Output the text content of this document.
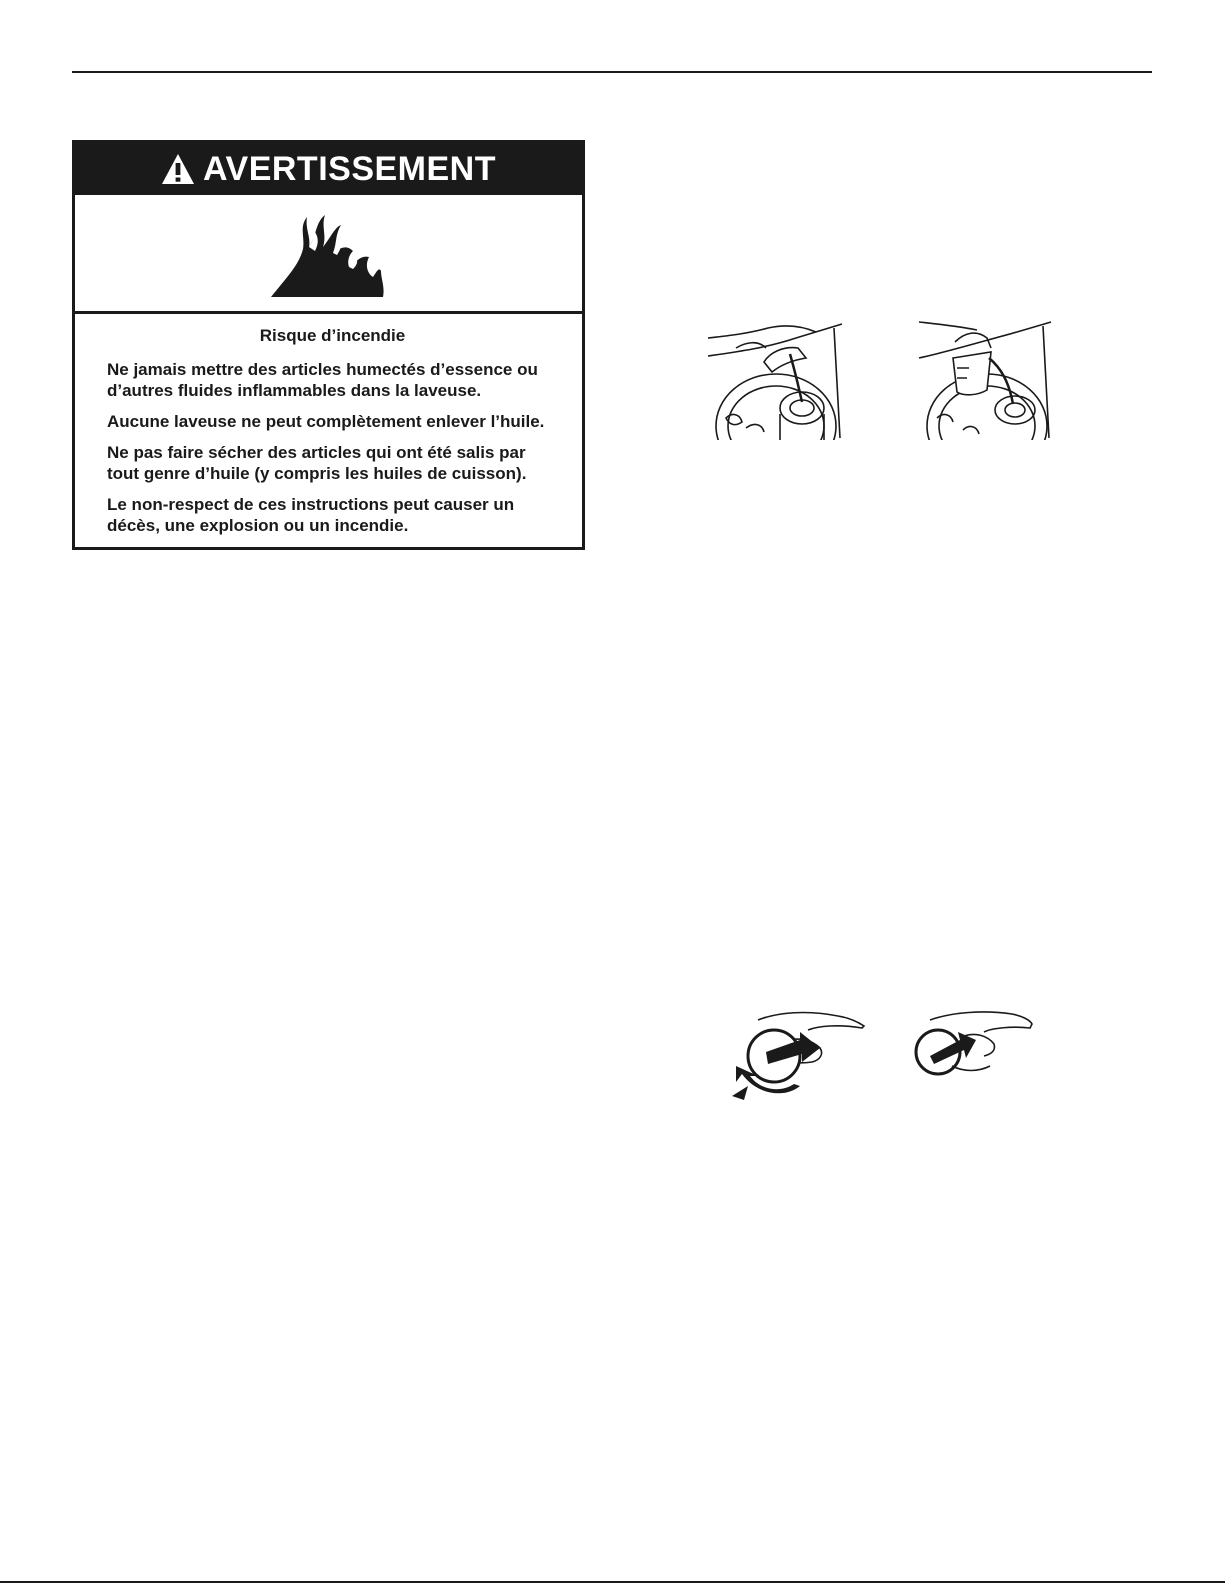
AVERTISSEMENT

Risque d’incendie

Ne jamais mettre des articles humectés d’essence ou d’autres fluides inflammables dans la laveuse.

Aucune laveuse ne peut complètement enlever l’huile.

Ne pas faire sécher des articles qui ont été salis par tout genre d’huile (y compris les huiles de cuisson).

Le non-respect de ces instructions peut causer un décès, une explosion ou un incendie.
